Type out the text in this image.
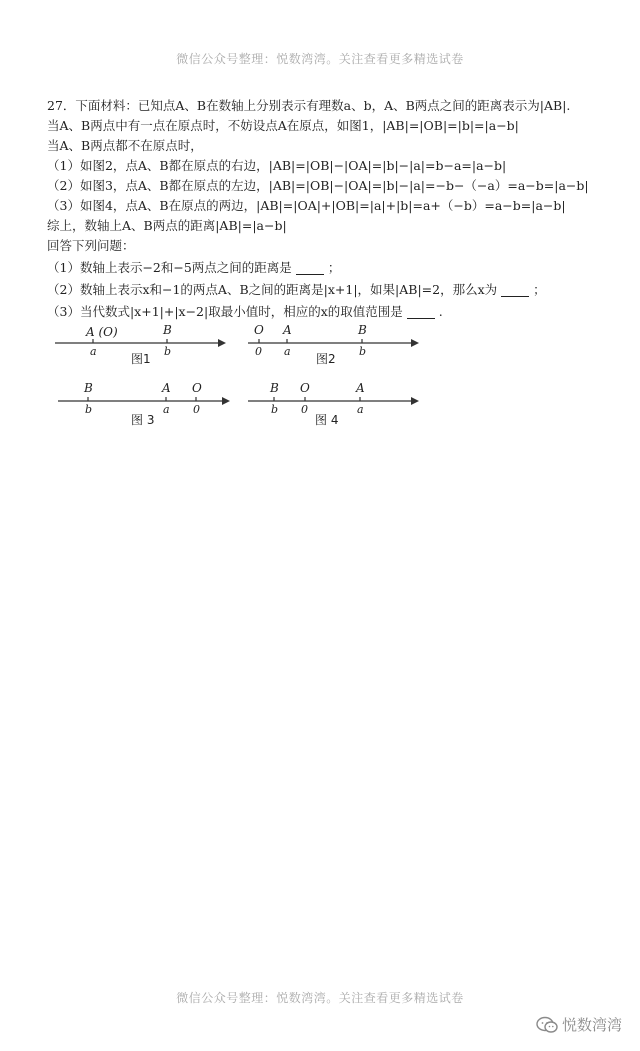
微信公众号整理：悦数湾湾。关注查看更多精选试卷
27．下面材料：已知点A、B在数轴上分别表示有理数a、b，A、B两点之间的距离表示为|AB|.
当A、B两点中有一点在原点时，不妨设点A在原点，如图1，|AB|=|OB|=|b|=|a−b|
当A、B两点都不在原点时，
（1）如图2，点A、B都在原点的右边，|AB|=|OB|−|OA|=|b|−|a|=b−a=|a−b|
（2）如图3，点A、B都在原点的左边，|AB|=|OB|−|OA|=|b|−|a|=−b−（−a）=a−b=|a−b|
（3）如图4，点A、B在原点的两边，|AB|=|OA|+|OB|=|a|+|b|=a+（−b）=a−b=|a−b|
综上，数轴上A、B两点的距离|AB|=|a−b|
回答下列问题：
（1）数轴上表示−2和−5两点之间的距离是	；
（2）数轴上表示x和−1的两点A、B之间的距离是|x+1|，如果|AB|=2，那么x为	；
（3）当代数式|x+1|+|x−2|取最小值时，相应的x的取值范围是	.
A (O)
a
B
b
图1
O
0
A
a
B
b
图2
B
b
A
a
O
0
图 3
B
b
O
0
A
a
图 4
微信公众号整理：悦数湾湾。关注查看更多精选试卷
悦数湾湾
